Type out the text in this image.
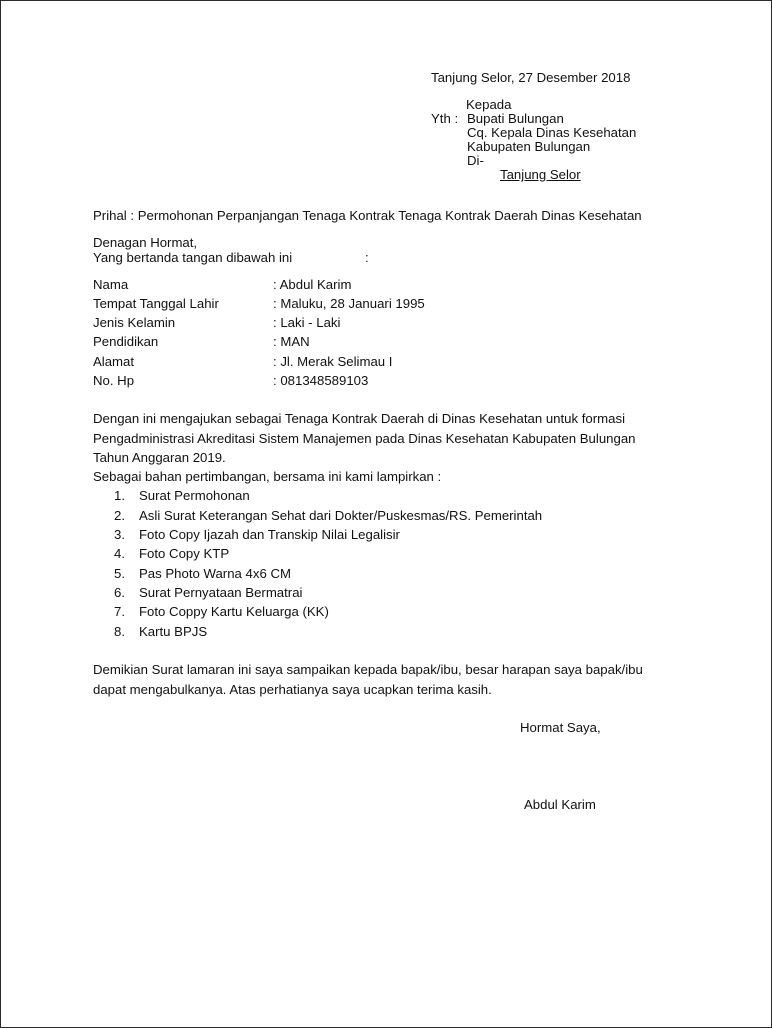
Tanjung Selor, 27 Desember 2018
Kepada
Yth : Bupati Bulungan
Cq. Kepala Dinas Kesehatan
Kabupaten Bulungan
Di-
Tanjung Selor
Prihal : Permohonan Perpanjangan Tenaga Kontrak Tenaga Kontrak Daerah Dinas Kesehatan
Denagan Hormat,
Yang bertanda tangan dibawah ini	:
Nama	: Abdul Karim
Tempat Tanggal Lahir	: Maluku, 28 Januari 1995
Jenis Kelamin	: Laki - Laki
Pendidikan	: MAN
Alamat	: Jl. Merak Selimau I
No. Hp	: 081348589103
Dengan ini mengajukan sebagai Tenaga Kontrak Daerah di Dinas Kesehatan untuk formasi
Pengadministrasi Akreditasi Sistem Manajemen pada Dinas Kesehatan Kabupaten Bulungan
Tahun Anggaran 2019.
Sebagai bahan pertimbangan, bersama ini kami lampirkan :
1. Surat Permohonan
2. Asli Surat Keterangan Sehat dari Dokter/Puskesmas/RS. Pemerintah
3. Foto Copy Ijazah dan Transkip Nilai Legalisir
4. Foto Copy KTP
5. Pas Photo Warna 4x6 CM
6. Surat Pernyataan Bermatrai
7. Foto Coppy Kartu Keluarga (KK)
8. Kartu BPJS
Demikian Surat lamaran ini saya sampaikan kepada bapak/ibu, besar harapan saya bapak/ibu
dapat mengabulkanya. Atas perhatianya saya ucapkan terima kasih.
Hormat Saya,
Abdul Karim
